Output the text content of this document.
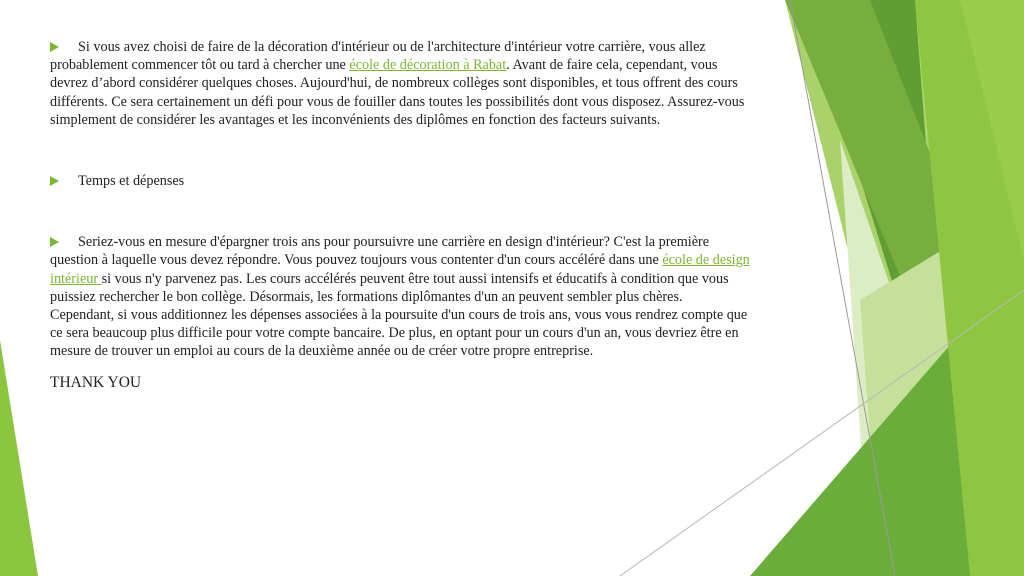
Si vous avez choisi de faire de la décoration d'intérieur ou de l'architecture d'intérieur votre carrière, vous allez probablement commencer tôt ou tard à chercher une école de décoration à Rabat. Avant de faire cela, cependant, vous devrez d’abord considérer quelques choses. Aujourd'hui, de nombreux collèges sont disponibles, et tous offrent des cours différents. Ce sera certainement un défi pour vous de fouiller dans toutes les possibilités dont vous disposez. Assurez-vous simplement de considérer les avantages et les inconvénients des diplômes en fonction des facteurs suivants.

Temps et dépenses

Seriez-vous en mesure d'épargner trois ans pour poursuivre une carrière en design d'intérieur? C'est la première question à laquelle vous devez répondre. Vous pouvez toujours vous contenter d'un cours accéléré dans une école de design intérieur si vous n'y parvenez pas. Les cours accélérés peuvent être tout aussi intensifs et éducatifs à condition que vous puissiez rechercher le bon collège. Désormais, les formations diplômantes d'un an peuvent sembler plus chères. Cependant, si vous additionnez les dépenses associées à la poursuite d'un cours de trois ans, vous vous rendrez compte que ce sera beaucoup plus difficile pour votre compte bancaire. De plus, en optant pour un cours d'un an, vous devriez être en mesure de trouver un emploi au cours de la deuxième année ou de créer votre propre entreprise.

THANK YOU
